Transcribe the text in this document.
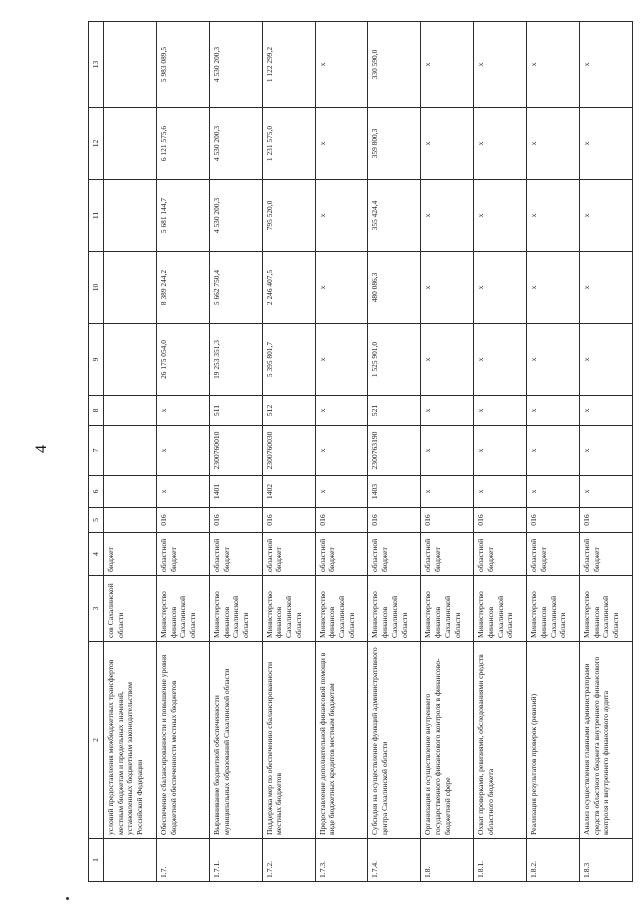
4
1	2	3	4	5	6	7	8	9	10	11	12	13
	условий предоставления межбюджетных трансфертов местным бюджетам и предельных значений, установленных бюджетным законодательством Российской Федерации	сов Сахалинской области	бюджет									
1.7.	Обеспечение сбалансированности и повышение уровня бюджетной обеспеченности местных бюджетов	Министерство финансов Сахалинской области	областной бюджет	016	х	х	х	26 175 054,0	8 389 244,2	5 681 144,7	6 121 575,6	5 983 089,5
1.7.1.	Выравнивание бюджетной обеспеченности муниципальных образований Сахалинской области	Министерство финансов Сахалинской области	областной бюджет	016	1401	2300760010	511	19 253 351,3	5 662 750,4	4 530 200,3	4 530 200,3	4 530 200,3
1.7.2.	Поддержка мер по обеспечению сбалансированности местных бюджетов	Министерство финансов Сахалинской области	областной бюджет	016	1402	2300760030	512	5 395 801,7	2 246 407,5	795 520,0	1 231 575,0	1 122 299,2
1.7.3.	Предоставление дополнительной финансовой помощи в виде бюджетных кредитов местным бюджетам	Министерство финансов Сахалинской области	областной бюджет	016	х	х	х	х	х	х	х	х
1.7.4.	Субсидия на осуществление функций административного центра Сахалинской области	Министерство финансов Сахалинской области	областной бюджет	016	1403	2300763190	521	1 525 901,0	480 086,3	355 424,4	359 800,3	330 590,0
1.8.	Организация и осуществление внутреннего государственного финансового контроля в финансово-бюджетной сфере	Министерство финансов Сахалинской области	областной бюджет	016	х	х	х	х	х	х	х	х
1.8.1.	Охват проверками, ревизиями, обследованиями средств областного бюджета	Министерство финансов Сахалинской области	областной бюджет	016	х	х	х	х	х	х	х	х
1.8.2.	Реализация результатов проверок (ревизий)	Министерство финансов Сахалинской области	областной бюджет	016	х	х	х	х	х	х	х	х
1.8.3	Анализ осуществления главными администраторами средств областного бюджета внутреннего финансового контроля и внутреннего финансового аудита	Министерство финансов Сахалинской области	областной бюджет	016	х	х	х	х	х	х	х	х
